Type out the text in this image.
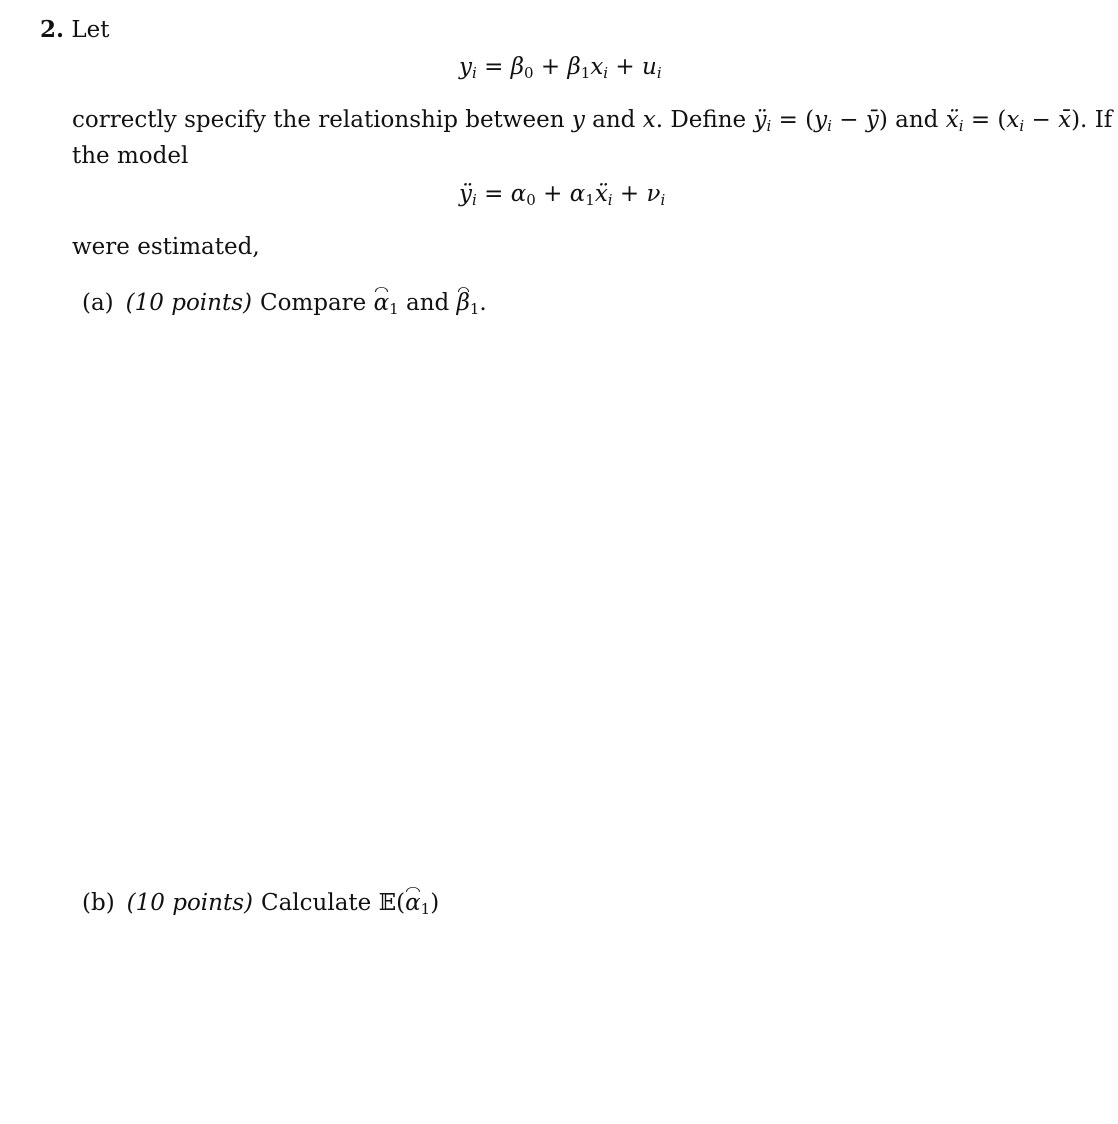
2. Let
$y_i = \beta_0 + \beta_1x_i + u_i$
correctly specify the relationship between y and x. Define $ÿ_i = (y_i$ − ȳ) and ẍ$_i$ = ($x_i$ − x̄). If
the model
$ÿ_i = \alpha_0$ + $\alpha_1ẍ_i + \nu_i$
were estimated,
(a) (10 points) Compare $\alpha_1$ and $\beta_1$.
(b) (10 points) Calculate $𝔼(\alpha_1)$
